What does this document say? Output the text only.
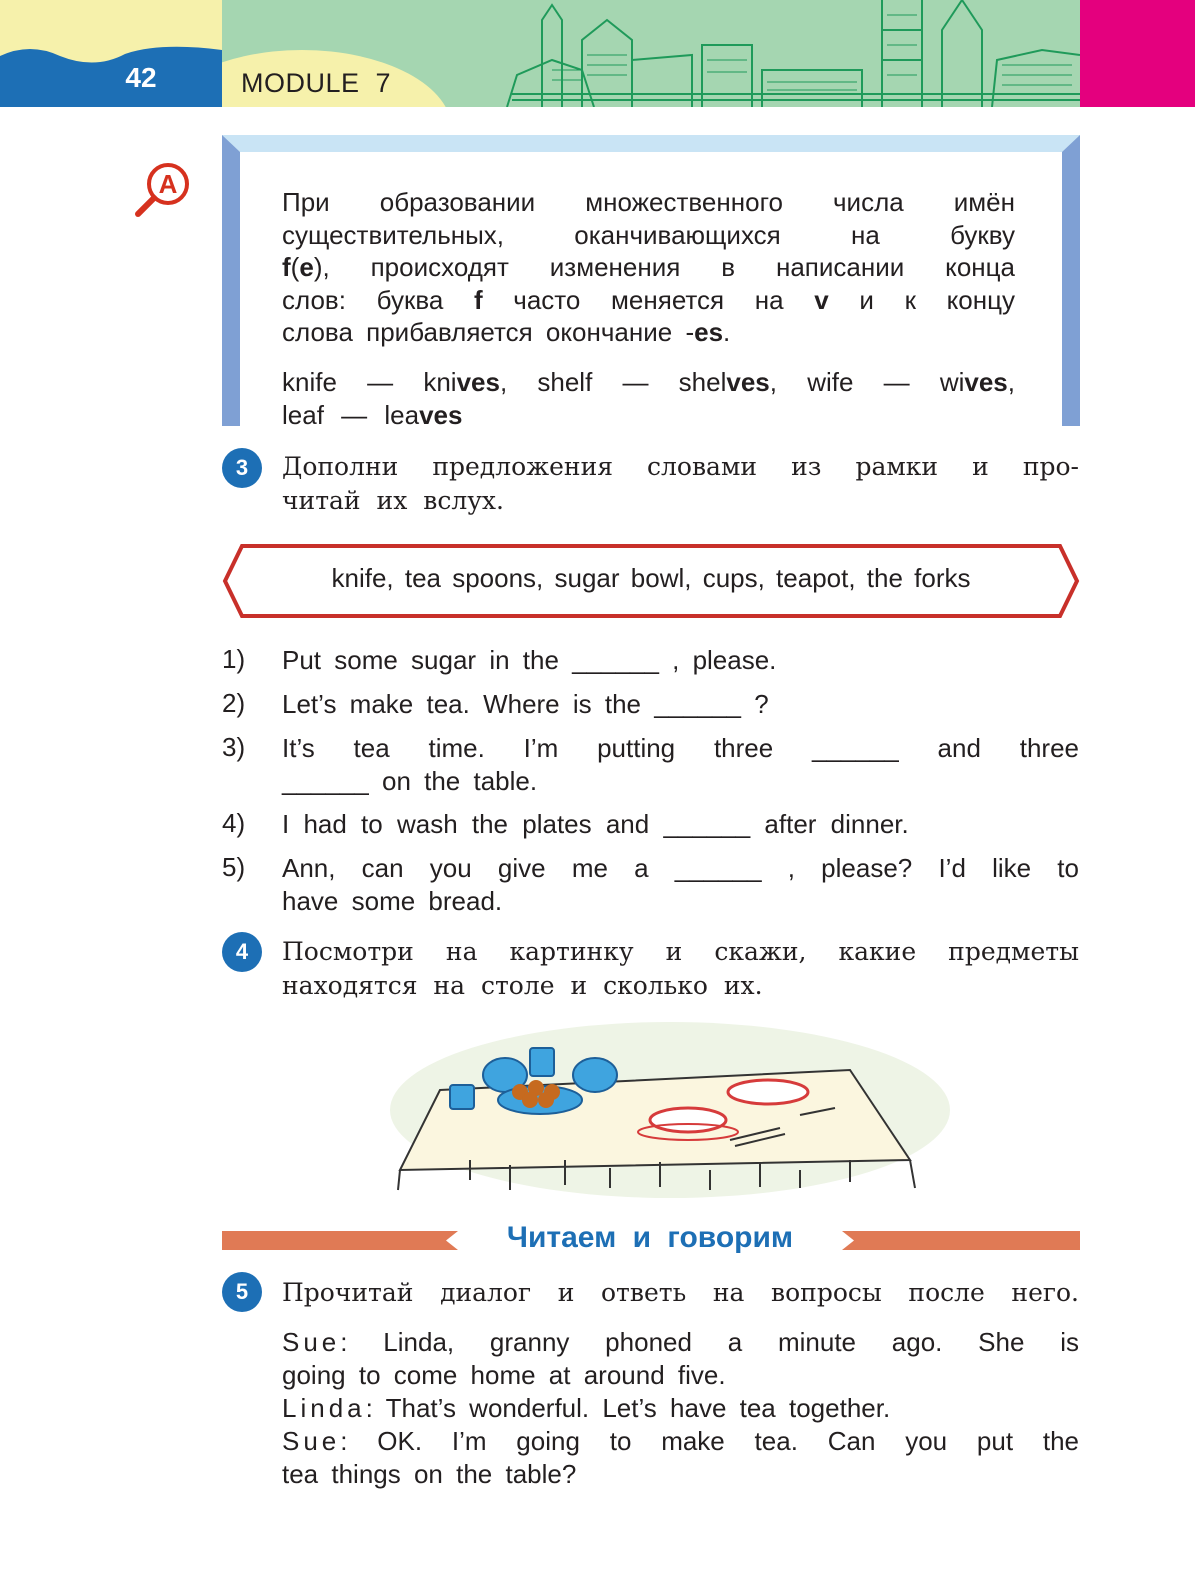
42	MODULE  7
A
При образовании множественного числа имён
существительных, оканчивающихся на букву
f(e), происходят изменения в написании конца
слов: буква f часто меняется на v и к концу
слова прибавляется окончание -es.
knife — knives, shelf — shelves, wife — wives,
leaf — leaves
3	Дополни предложения словами из рамки и про-
читай их вслух.
knife, tea spoons, sugar bowl, cups, teapot, the forks
1) Put some sugar in the ______ , please.
2) Let’s make tea. Where is the ______ ?
3) It’s tea time. I’m putting three ______ and three
______ on the table.
4) I had to wash the plates and ______ after dinner.
5) Ann, can you give me a ______ , please? I’d like to
have some bread.
4	Посмотри на картинку и скажи, какие предметы
находятся на столе и сколько их.
Читаем и говорим
5	Прочитай диалог и ответь на вопросы после него.
Sue: Linda, granny phoned a minute ago. She is
going to come home at around five.
Linda: That’s wonderful. Let’s have tea together.
Sue: OK. I’m going to make tea. Can you put the
tea things on the table?
